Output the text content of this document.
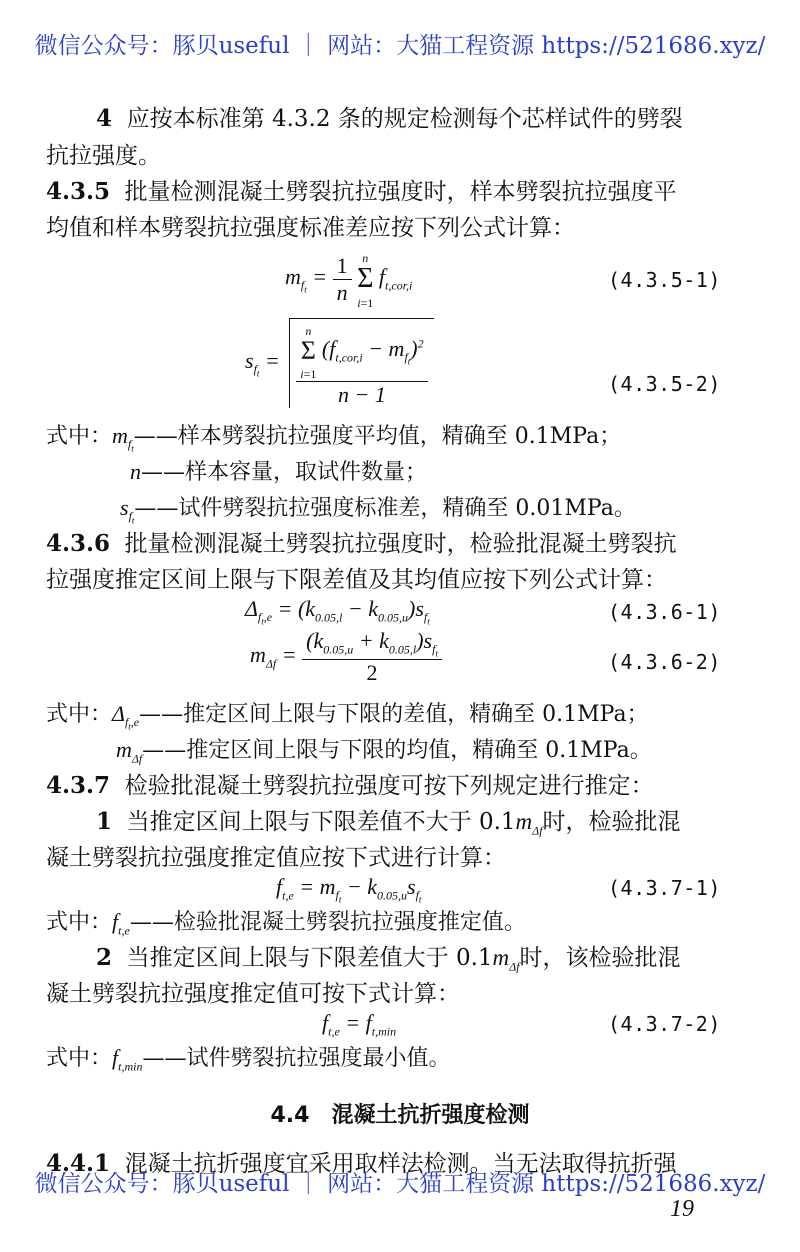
微信公众号：豚贝useful ｜ 网站：大猫工程资源 https://521686.xyz/
4 应按本标准第 4.3.2 条的规定检测每个芯样试件的劈裂
抗拉强度。
4.3.5 批量检测混凝土劈裂抗拉强度时，样本劈裂抗拉强度平
均值和样本劈裂抗拉强度标准差应按下列公式计算：
$m_{f_t} = \frac{1}{n}$ n
Σ
i=1 $f_{t,cor,i}$	(4.3.5-1)
$s_{f_t}$ =
n
Σ
i=1 $(f_{t,cor,i} - m_{f_t})^2$
n − 1	(4.3.5-2)
式中：$m_{f_t}——$样本劈裂抗拉强度平均值，精确至 0.1MPa；
n——样本容量，取试件数量；
$s_{f_t}——$试件劈裂抗拉强度标准差，精确至 0.01MPa。
4.3.6 批量检测混凝土劈裂抗拉强度时，检验批混凝土劈裂抗
拉强度推定区间上限与下限差值及其均值应按下列公式计算：
$\Delta_{f_t,e} = (k_{0.05,l} - k_{0.05,u})s_{f_t}$	(4.3.6-1)
$m_{\Delta f} = \frac{(k_{0.05,u} + k_{0.05,l})s_{f_t}}{2}$	(4.3.6-2)
式中：$\Delta_{f_t,e}——$推定区间上限与下限的差值，精确至 0.1MPa；
$m_{\Delta f}——$推定区间上限与下限的均值，精确至 0.1MPa。
4.3.7 检验批混凝土劈裂抗拉强度可按下列规定进行推定：
1 当推定区间上限与下限差值不大于 $0.1m_{\Delta f}$时，检验批混
凝土劈裂抗拉强度推定值应按下式进行计算：
$f_{t,e} = m_{f_t} - k_{0.05,u}s_{f_t}$	(4.3.7-1)
式中：$f_{t,e}——$检验批混凝土劈裂抗拉强度推定值。
2 当推定区间上限与下限差值大于 $0.1m_{\Delta f}$时，该检验批混
凝土劈裂抗拉强度推定值可按下式计算：
$f_{t,e} = f_{t,min}$	(4.3.7-2)
式中：$f_{t,min}——$试件劈裂抗拉强度最小值。
4.4　混凝土抗折强度检测
4.4.1 混凝土抗折强度宜采用取样法检测。当无法取得抗折强
微信公众号：豚贝useful ｜ 网站：大猫工程资源 https://521686.xyz/
19
